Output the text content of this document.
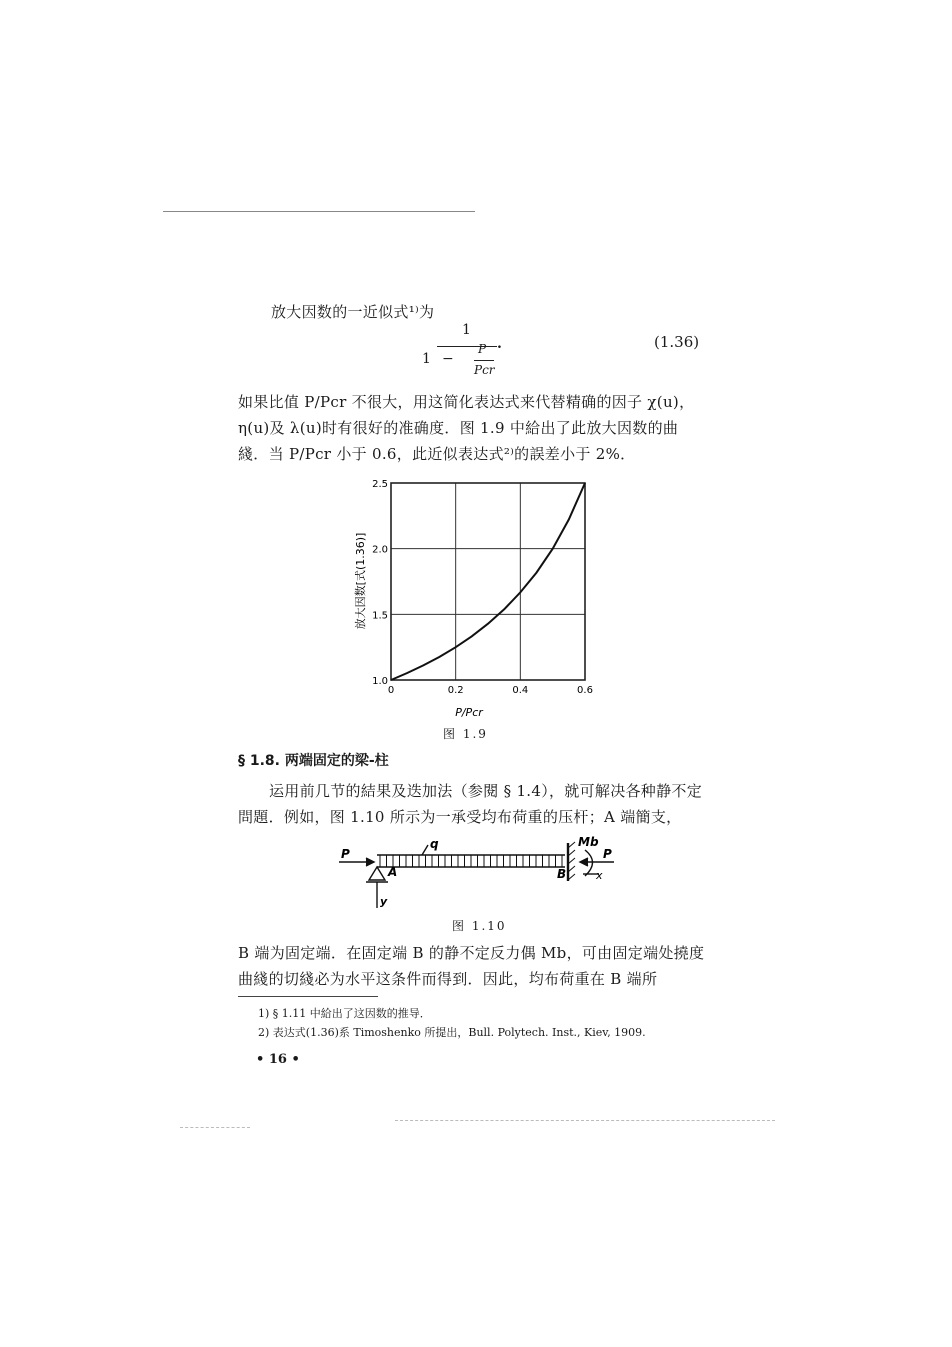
放大因数的一近似式¹⁾为
1
1 −
P
Pcr
.	(1.36)
如果比值 P/Pcr 不很大，用这简化表达式来代替精确的因子 χ(u)，η(u)及 λ(u)时有很好的准确度．图 1.9 中給出了此放大因数的曲綫．当 P/Pcr 小于 0.6，此近似表达式²⁾的誤差小于 2%．
0	0.2	0.4	0.6
1.0
1.5
2.0
2.5
P/Pcr
放大因数[式(1.36)]
图 1.9
§ 1.8. 两端固定的梁-柱
运用前几节的結果及迭加法（参閱 § 1.4），就可解决各种静不定問題．例如，图 1.10 所示为一承受均布荷重的压杆；A 端簡支，
P
q
A	B
Mb
P
x
y
图 1.10
B 端为固定端．在固定端 B 的静不定反力偶 Mb，可由固定端处撓度曲綫的切綫必为水平这条件而得到．因此，均布荷重在 B 端所
1) § 1.11 中給出了这因数的推导．
2) 表达式(1.36)系 Timoshenko 所提出，Bull. Polytech. Inst., Kiev, 1909.
• 16 •
